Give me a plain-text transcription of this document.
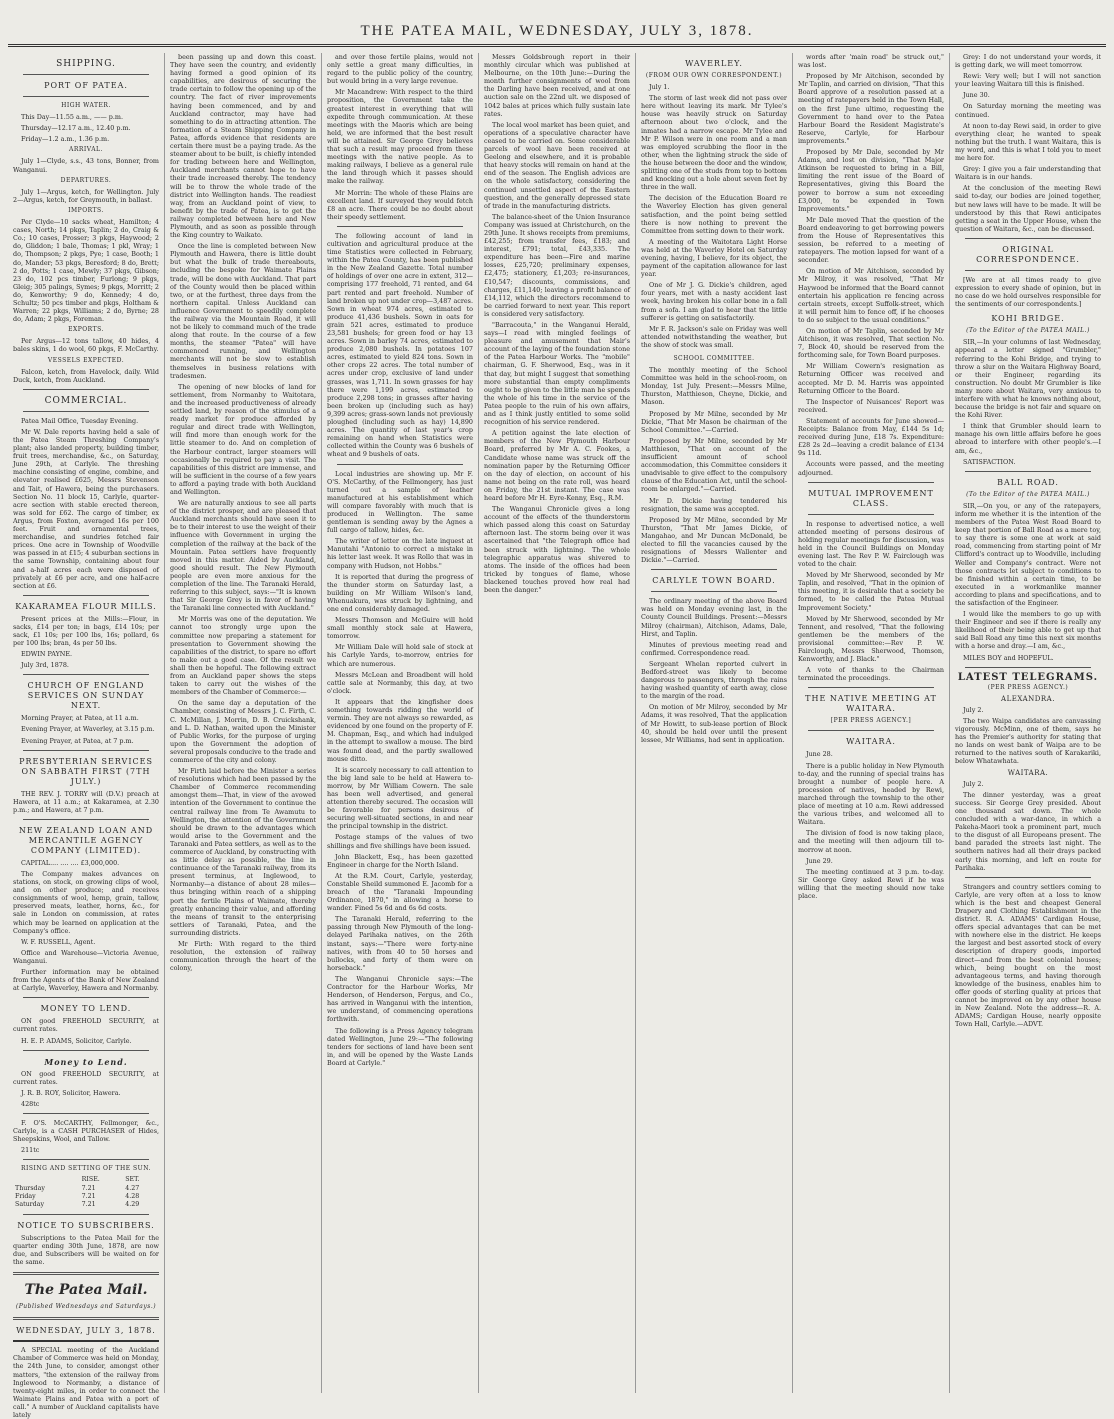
THE PATEA MAIL, WEDNESDAY, JULY 3, 1878.
SHIPPING.
PORT OF PATEA.
HIGH WATER.

This Day—11.55 a.m., —— p.m.

Thursday—12.17 a.m., 12.40 p.m.

Friday—1.2 a.m., 1.36 p.m.

ARRIVAL.

July 1—Clyde, s.s., 43 tons, Bonner, from Wanganui.

DEPARTURES.

July 1—Argus, ketch, for Wellington. July 2—Argus, ketch, for Greymouth, in ballast.

IMPORTS.

Per Clyde—10 sacks wheat, Hamilton; 4 cases, North; 14 pkgs, Taplin; 2 do, Craig & Co.; 10 cases, Prosser; 3 pkgs, Haywood; 2 do, Gliddon; 1 bale, Thomas; 1 pkl, Wray; 1 do, Thompson; 2 pkgs, Pye; 1 case, Booth; 1 do, Mander; 53 pkgs, Beresford; 8 do, Brett; 2 do, Potts; 1 case, Mewly; 37 pkgs, Gibson; 23 do, 102 pcs timber, Furlong; 9 pkgs, Gleig; 305 palings, Symes; 9 pkgs, Morritt; 2 do, Kenworthy; 9 do, Kennedy; 4 do, Schultz; 50 pcs timber and pkgs, Holtham & Warren; 22 pkgs, Williams; 2 do, Byrne; 28 do, Adam; 2 pkgs, Foreman.

EXPORTS.

Per Argus—12 tons tallow, 40 hides, 4 bales skins, 1 do wool, 60 pkgs, F. McCarthy.

VESSELS EXPECTED.

Falcon, ketch, from Havelock, daily. Wild Duck, ketch, from Auckland.

COMMERCIAL.

Patea Mail Office, Tuesday Evening.

Mr W. Dale reports having held a sale of the Patea Steam Threshing Company's plant; also landed property, building timber, fruit trees, merchandise, &c., on Saturday, June 29th, at Carlyle. The threshing machine consisting of engine, combine, and elevator realised £625, Messrs Stevenson and Tait, of Hawera, being the purchasers. Section No. 11 block 15, Carlyle, quarter-acre section with stable erected thereon, was sold for £62. The cargo of timber, ex Argus, from Foxton, averaged 16s per 100 feet. Fruit and ornamental trees, merchandise, and sundries fetched fair prices. One acre in Township of Woodville was passed in at £15; 4 suburban sections in the same Township, containing about four and a-half acres each were disposed of privately at £6 per acre, and one half-acre section at £6.

KAKARAMEA FLOUR MILLS.

Present prices at the Mills:—Flour, in sacks, £14 per ton; in bags, £14 10s; per sack, £1 10s; per 100 lbs, 16s; pollard, 6s per 100 lbs; bran, 4s per 50 lbs.

EDWIN PAYNE.

July 3rd, 1878.

CHURCH OF ENGLAND SERVICES ON SUNDAY NEXT.

Morning Prayer, at Patea, at 11 a.m.

Evening Prayer, at Waverley, at 3.15 p.m.

Evening Prayer, at Patea, at 7 p.m.

PRESBYTERIAN SERVICES ON SABBATH FIRST (7TH JULY.)

THE REV. J. TORRY will (D.V.) preach at Hawera, at 11 a.m.; at Kakaramea, at 2.30 p.m.; and Hawera, at 7 p.m.

NEW ZEALAND LOAN AND MERCANTILE AGENCY COMPANY (LIMITED).

CAPITAL.... .... .... £3,000,000.

The Company makes advances on stations, on stock, on growing clips of wool, and on other produce; and receives consignments of wool, hemp, grain, tallow, preserved meats, leather, horns, &c., for sale in London on commission, at rates which may be learned on application at the Company's office.

W. F. RUSSELL, Agent.

Office and Warehouse—Victoria Avenue, Wanganui.

Further information may be obtained from the Agents of the Bank of New Zealand at Carlyle, Waverley, Hawera and Normanby.

MONEY TO LEND.

ON good FREEHOLD SECURITY, at current rates.

H. E. P. ADAMS, Solicitor, Carlyle.

Money to Lend.

ON good FREEHOLD SECURITY, at current rates.

J. R. B. ROY, Solicitor, Hawera.

428tc

F. O'S. McCARTHY, Fellmonger, &c., Carlyle, is a CASH PURCHASER of Hides, Sheepskins, Wool, and Tallow.

211tc

RISING AND SETTING OF THE SUN.
	RISE.	SET.
Thursday	7.21	4.27
Friday	7.21	4.28
Saturday	7.21	4.29
NOTICE TO SUBSCRIBERS.

Subscriptions to the Patea Mail for the quarter ending 30th June, 1878, are now due, and Subscribers will be waited on for the same.

The Patea Mail.
(Published Wednesdays and Saturdays.)
WEDNESDAY, JULY 3, 1878.

A SPECIAL meeting of the Auckland Chamber of Commerce was held on Monday, the 24th June, to consider, amongst other matters, "the extension of the railway from Inglewood to Normanby, a distance of twenty-eight miles, in order to connect the Waimate Plains and Patea with a port of call." A number of Auckland capitalists have lately

been passing up and down this coast. They have seen the country, and evidently having formed a good opinion of its capabilities, are desirous of securing the trade certain to follow the opening up of the country. The fact of river improvements having been commenced, and by and Auckland contractor, may have had something to do in attracting attention. The formation of a Steam Shipping Company in Patea, affords evidence that residents are certain there must be a paying trade. As the steamer about to be built, is chiefly intended for trading between here and Wellington, Auckland merchants cannot hope to have their trade increased thereby. The tendency will be to throw the whole trade of the district into Wellington hands. The readiest way, from an Auckland point of view, to benefit by the trade of Patea, is to get the railway completed between here and New Plymouth, and as soon as possible through the King country to Waikato.

Once the line is completed between New Plymouth and Hawera, there is little doubt but what the bulk of trade thereabouts, including the bespoke for Waimate Plains trade, will be done with Auckland. That part of the County would then be placed within two, or at the furthest, three days from the northern capital. Unless Auckland can influence Government to speedily complete the railway via the Mountain Road, it will not be likely to command much of the trade along that route. In the course of a few months, the steamer "Patea" will have commenced running, and Wellington merchants will not be slow to establish themselves in business relations with tradesmen.

The opening of new blocks of land for settlement, from Normanby to Waitotara, and the increased productiveness of already settled land, by reason of the stimulus of a ready market for produce afforded by regular and direct trade with Wellington, will find more than enough work for the little steamer to do. And on completion of the Harbour contract, larger steamers will occasionally be required to pay a visit. The capabilities of this district are immense, and will be sufficient in the course of a few years to afford a paying trade with both Auckland and Wellington.

We are naturally anxious to see all parts of the district prosper, and are pleased that Auckland merchants should have seen it to be to their interest to use the weight of their influence with Government in urging the completion of the railway at the back of the Mountain. Patea settlers have frequently moved in this matter. Aided by Auckland, good should result. The New Plymouth people are even more anxious for the completion of the line. The Taranaki Herald, referring to this subject, says:—"It is known that Sir George Grey is in favor of having the Taranaki line connected with Auckland."

Mr Morris was one of the deputation. We cannot too strongly urge upon the committee now preparing a statement for presentation to Government showing the capabilities of the district, to spare no effort to make out a good case. Of the result we shall then be hopeful. The following extract from an Auckland paper shows the steps taken to carry out the wishes of the members of the Chamber of Commerce:—

On the same day a deputation of the Chamber, consisting of Messrs J. C. Firth, C. C. McMillan, J. Morrin, D. B. Cruickshank, and L. D. Nathan, waited upon the Minister of Public Works, for the purpose of urging upon the Government the adoption of several proposals conducive to the trade and commerce of the city and colony.

Mr Firth laid before the Minister a series of resolutions which had been passed by the Chamber of Commerce recommending amongst them—That, in view of the avowed intention of the Government to continue the central railway line from Te Awamutu to Wellington, the attention of the Government should be drawn to the advantages which would arise to the Government and the Taranaki and Patea settlers, as well as to the commerce of Auckland, by constructing with as little delay as possible, the line in continuance of the Taranaki railway, from its present terminus, at Inglewood, to Normanby—a distance of about 28 miles—thus bringing within reach of a shipping port the fertile Plains of Waimate, thereby greatly enhancing their value, and affording the means of transit to the enterprising settlers of Taranaki, Patea, and the surrounding districts.

Mr Firth: With regard to the third resolution, the extension of railway communication through the heart of the colony,

and over those fertile plains, would not only settle a great many difficulties, in regard to the public policy of the country, but would bring in a very large revenue.

Mr Macandrew: With respect to the third proposition, the Government take the greatest interest in everything that will expedite through communication. At these meetings with the Maoris which are being held, we are informed that the best result will be attained. Sir George Grey believes that such a result may proceed from these meetings with the native people. As to making railways, I believe as a general rule the land through which it passes should make the railway.

Mr Morrin: The whole of these Plains are excellent land. If surveyed they would fetch £8 an acre. There could be no doubt about their speedy settlement.

The following account of land in cultivation and agricultural produce at the time Statistics were collected in February, within the Patea County, has been published in the New Zealand Gazette. Total number of holdings of over one acre in extent, 312—comprising 177 freehold, 71 rented, and 64 part rented and part freehold. Number of land broken up not under crop—3,487 acres. Sown in wheat 974 acres, estimated to produce 41,436 bushels. Sown in oats for grain 521 acres, estimated to produce 23,581 bushels; for green food or hay 13 acres. Sown in barley 74 acres, estimated to produce 2,080 bushels. In potatoes 107 acres, estimated to yield 824 tons. Sown in other crops 22 acres. The total number of acres under crop, exclusive of land under grasses, was 1,711. In sown grasses for hay there were 1,199 acres, estimated to produce 2,298 tons; in grasses after having been broken up (including such as hay) 9,399 acres; grass-sown lands not previously ploughed (including such as hay) 14,890 acres. The quantity of last year's crop remaining on hand when Statistics were collected within the County was 6 bushels of wheat and 9 bushels of oats.

Local industries are showing up. Mr F. O'S. McCarthy, of the Fellmongery, has just turned out a sample of leather manufactured at his establishment which will compare favorably with much that is produced in Wellington. The same gentleman is sending away by the Agnes a full cargo of tallow, hides, &c.

The writer of letter on the late inquest at Manutahi "Antonio to correct a mistake in his letter last week. It was Rollo that was in company with Hudson, not Hobbs."

It is reported that during the progress of the thunder storm on Saturday last, a building on Mr William Wilson's land, Whenuakura, was struck by lightning, and one end considerably damaged.

Messrs Thomson and McGuire will hold small monthly stock sale at Hawera, tomorrow.

Mr William Dale will hold sale of stock at his Carlyle Yards, to-morrow, entries for which are numerous.

Messrs McLean and Broadbent will hold cattle sale at Normanby, this day, at two o'clock.

It appears that the kingfisher does something towards ridding the world of vermin. They are not always so rewarded, as evidenced by one found on the property of F. M. Chapman, Esq., and which had indulged in the attempt to swallow a mouse. The bird was found dead, and the partly swallowed mouse ditto.

It is scarcely necessary to call attention to the big land sale to be held at Hawera to-morrow, by Mr William Cowern. The sale has been well advertised, and general attention thereby secured. The occasion will be favorable for persons desirous of securing well-situated sections, in and near the principal township in the district.

Postage stamps of the values of two shillings and five shillings have been issued.

John Blackett, Esq., has been gazetted Engineer in charge for the North Island.

At the R.M. Court, Carlyle, yesterday, Constable Sheild summoned E. Jacomb for a breach of the "Taranaki Impounding Ordinance, 1870," in allowing a horse to wander. Fined 5s 6d and 6s 6d costs.

The Taranaki Herald, referring to the passing through New Plymouth of the long-delayed Parihaka natives, on the 26th instant, says:—"There were forty-nine natives, with from 40 to 50 horses and bullocks, and forty of them were on horseback."

The Wanganui Chronicle says:—The Contractor for the Harbour Works, Mr Henderson, of Henderson, Fergus, and Co., has arrived in Wanganui with the intention, we understand, of commencing operations forthwith.

The following is a Press Agency telegram dated Wellington, June 29:—"The following tenders for sections of land have been sent in, and will be opened by the Waste Lands Board at Carlyle."

Messrs Goldsbrough report in their monthly circular which was published at Melbourne, on the 10th June:—During the month further consignments of wool from the Darling have been received, and at one auction sale on the 22nd ult. we disposed of 1042 bales at prices which fully sustain late rates.

The local wool market has been quiet, and operations of a speculative character have ceased to be carried on. Some considerable parcels of wool have been received at Geelong and elsewhere, and it is probable that heavy stocks will remain on hand at the end of the season. The English advices are on the whole satisfactory, considering the continued unsettled aspect of the Eastern question, and the generally depressed state of trade in the manufacturing districts.

The balance-sheet of the Union Insurance Company was issued at Christchurch, on the 29th June. It shows receipts from premiums, £42,255; from transfer fees, £183; and interest, £791; total, £43,335. The expenditure has been—Fire and marine losses, £25,720; preliminary expenses, £2,475; stationery, £1,203; re-insurances, £10,547; discounts, commissions, and charges, £11,140; leaving a profit balance of £14,112, which the directors recommend to be carried forward to next year. This report is considered very satisfactory.

"Barracouta," in the Wanganui Herald, says—I read with mingled feelings of pleasure and amusement that Mair's account of the laying of the foundation stone of the Patea Harbour Works. The "mobile" chairman, G. F. Sherwood, Esq., was in it that day, but might I suggest that something more substantial than empty compliments ought to be given to the little man he spends the whole of his time in the service of the Patea people to the ruin of his own affairs, and as I think justly entitled to some solid recognition of his service rendered.

A petition against the late election of members of the New Plymouth Harbour Board, preferred by Mr A. C. Fookes, a Candidate whose name was struck off the nomination paper by the Returning Officer on the day of election, on account of his name not being on the rate roll, was heard on Friday, the 21st instant. The case was heard before Mr H. Eyre-Kenny, Esq., R.M.

The Wanganui Chronicle gives a long account of the effects of the thunderstorm which passed along this coast on Saturday afternoon last. The storm being over it was ascertained that "the Telegraph office had been struck with lightning. The whole telegraphic apparatus was shivered to atoms. The inside of the offices had been tricked by tongues of flame, whose blackened touches proved how real had been the danger."

WAVERLEY.
(FROM OUR OWN CORRESPONDENT.)

July 1.

The storm of last week did not pass over here without leaving its mark. Mr Tylee's house was heavily struck on Saturday afternoon about two o'clock, and the inmates had a narrow escape. Mr Tylee and Mr P. Wilson were in one room and a man was employed scrubbing the floor in the other, when the lightning struck the side of the house between the door and the window, splitting one of the studs from top to bottom and knocking out a hole about seven feet by three in the wall.

The decision of the Education Board re the Waverley Election has given general satisfaction, and the point being settled there is now nothing to prevent the Committee from setting down to their work.

A meeting of the Waitotara Light Horse was held at the Waverley Hotel on Saturday evening, having, I believe, for its object, the payment of the capitation allowance for last year.

One of Mr J. G. Dickie's children, aged four years, met with a nasty accident last week, having broken his collar bone in a fall from a sofa. I am glad to hear that the little sufferer is getting on satisfactorily.

Mr F. R. Jackson's sale on Friday was well attended notwithstanding the weather, but the show of stock was small.

SCHOOL COMMITTEE.

The monthly meeting of the School Committee was held in the school-room, on Monday, 1st July. Present:—Messrs Milne, Thurston, Matthieson, Cheyne, Dickie, and Mason.

Proposed by Mr Milne, seconded by Mr Dickie, "That Mr Mason be chairman of the School Committee."—Carried.

Proposed by Mr Milne, seconded by Mr Matthieson, "That on account of the insufficient amount of school accommodation, this Committee considers it unadvisable to give effect to the compulsory clause of the Education Act, until the school-room be enlarged."—Carried.

Mr D. Dickie having tendered his resignation, the same was accepted.

Proposed by Mr Milne, seconded by Mr Thurston, "That Mr James Dickie, of Mangahao, and Mr Duncan McDonald, be elected to fill the vacancies caused by the resignations of Messrs Wallenter and Dickie."—Carried.

CARLYLE TOWN BOARD.

The ordinary meeting of the above Board was held on Monday evening last, in the County Council Buildings. Present:—Messrs Milroy (chairman), Aitchison, Adams, Dale, Hirst, and Taplin.

Minutes of previous meeting read and confirmed. Correspondence read.

Sergeant Whelan reported culvert in Bedford-street was likely to become dangerous to passengers, through the rains having washed quantity of earth away, close to the margin of the road.

On motion of Mr Milroy, seconded by Mr Adams, it was resolved, That the application of Mr Howitt, to sub-lease portion of Block 40, should be held over until the present lessee, Mr Williams, had sent in application.

words after 'main road' be struck out," was lost.

Proposed by Mr Aitchison, seconded by Mr Taplin, and carried on division, "That this Board approve of a resolution passed at a meeting of ratepayers held in the Town Hall, on the first June ultimo, requesting the Government to hand over to the Patea Harbour Board the Resident Magistrate's Reserve, Carlyle, for Harbour improvements."

Proposed by Mr Dale, seconded by Mr Adams, and lost on division, "That Major Atkinson be requested to bring in a Bill, limiting the rent issue of the Board of Representatives, giving this Board the power to borrow a sum not exceeding £3,000, to be expended in Town Improvements."

Mr Dale moved That the question of the Board endeavoring to get borrowing powers from the House of Representatives this session, be referred to a meeting of ratepayers. The motion lapsed for want of a seconder.

On motion of Mr Aitchison, seconded by Mr Milroy, it was resolved, "That Mr Haywood be informed that the Board cannot entertain his application re fencing across certain streets, except Suffolk-street, which it will permit him to fence off, if he chooses to do so subject to the usual conditions."

On motion of Mr Taplin, seconded by Mr Aitchison, it was resolved, That section No. 7, Block 40, should be reserved from the forthcoming sale, for Town Board purposes.

Mr William Cowern's resignation as Returning Officer was received and accepted. Mr D. M. Harris was appointed Returning Officer to the Board.

The Inspector of Nuisances' Report was received.

Statement of accounts for June showed—Receipts: Balance from May, £144 5s 1d; received during June, £18 7s. Expenditure: £28 2s 2d—leaving a credit balance of £134 9s 11d.

Accounts were passed, and the meeting adjourned.

MUTUAL IMPROVEMENT CLASS.

In response to advertised notice, a well attended meeting of persons desirous of holding regular meetings for discussion, was held in the Council Buildings on Monday evening last. The Rev P. W. Fairclough was voted to the chair.

Moved by Mr Sherwood, seconded by Mr Taplin, and resolved, "That in the opinion of this meeting, it is desirable that a society be formed, to be called the Patea Mutual Improvement Society."

Moved by Mr Sherwood, seconded by Mr Tennent, and resolved, "That the following gentlemen be the members of the provisional committee:—Rev P. W. Fairclough, Messrs Sherwood, Thomson, Kenworthy, and J. Black."

A vote of thanks to the Chairman terminated the proceedings.

THE NATIVE MEETING AT WAITARA.
[PER PRESS AGENCY.]
WAITARA.

June 28.

There is a public holiday in New Plymouth to-day, and the running of special trains has brought a number of people here. A procession of natives, headed by Rewi, marched through the township to the other place of meeting at 10 a.m. Rewi addressed the various tribes, and welcomed all to Waitara.

The division of food is now taking place, and the meeting will then adjourn till to-morrow at noon.

June 29.

The meeting continued at 3 p.m. to-day. Sir George Grey asked Rewi if he was willing that the meeting should now take place.

Grey: I do not understand your words, it is getting dark, we will meet tomorrow.

Rewi: Very well; but I will not sanction your leaving Waitara till this is finished.

June 30.

On Saturday morning the meeting was continued.

At noon to-day Rewi said, in order to give everything clear, he wanted to speak nothing but the truth. I want Waitara, this is my word, and this is what I told you to meet me here for.

Grey: I give you a fair understanding that Waitara is in our hands.

At the conclusion of the meeting Rewi said to-day, our bodies are joined together, but new laws will have to be made. It will be understood by this that Rewi anticipates getting a seat in the Upper House, when the question of Waitara, &c., can be discussed.

ORIGINAL CORRESPONDENCE.

[We are at all times ready to give expression to every shade of opinion, but in no case do we hold ourselves responsible for the sentiments of our correspondents.]

KOHI BRIDGE.
(To the Editor of the PATEA MAIL.)

SIR,—In your columns of last Wednesday, appeared a letter signed "Grumbler," referring to the Kohi Bridge, and trying to throw a slur on the Waitara Highway Board, or their Engineer, regarding its construction. No doubt Mr Grumbler is like many more about Waitara, very anxious to interfere with what he knows nothing about, because the bridge is not fair and square on the Kohi River.

I think that Grumbler should learn to manage his own little affairs before he goes abroad to interfere with other people's.—I am, &c.,

SATISFACTION.

BALL ROAD.
(To the Editor of the PATEA MAIL.)

SIR,—On you, or any of the ratepayers, inform me whether it is the intention of the members of the Patea West Road Board to keep that portion of Ball Road as a mere toy, to say there is some one at work at said road, commencing from starting point of Mr Clifford's contract up to Woodville, including Weller and Company's contract. Were not those contracts let subject to conditions to be finished within a certain time, to be executed in a workmanlike manner according to plans and specifications, and to the satisfaction of the Engineer.

I would like the members to go up with their Engineer and see if there is really any likelihood of their being able to get up that said Ball Road any time this next six months with a horse and dray.—I am, &c.,

MILES BOY and HOPEFUL.

LATEST TELEGRAMS.
(PER PRESS AGENCY.)
ALEXANDRA.

July 2.

The two Waipa candidates are canvassing vigorously. McMinn, one of them, says he has the Premier's authority for stating that no lands on west bank of Waipa are to be returned to the natives south of Karakariki, below Whatawhata.

WAITARA.

July 2.

The dinner yesterday, was a great success. Sir George Grey presided. About one thousand sat down. The whole concluded with a war-dance, in which a Pakeha-Maori took a prominent part, much to the disgust of all Europeans present. The band paraded the streets last night. The southern natives had all their drays packed early this morning, and left en route for Parihaka.

Strangers and country settlers coming to Carlyle, are very often at a loss to know which is the best and cheapest General Drapery and Clothing Establishment in the district. R. A. ADAMS' Cardigan House, offers special advantages that can be met with nowhere else in the district. He keeps the largest and best assorted stock of every description of drapery goods, imported direct—and from the best colonial houses; which, being bought on the most advantageous terms, and having thorough knowledge of the business, enables him to offer goods of sterling quality at prices that cannot be improved on by any other house in New Zealand. Note the address—R. A. ADAMS; Cardigan House, nearly opposite Town Hall, Carlyle.—ADVT.
